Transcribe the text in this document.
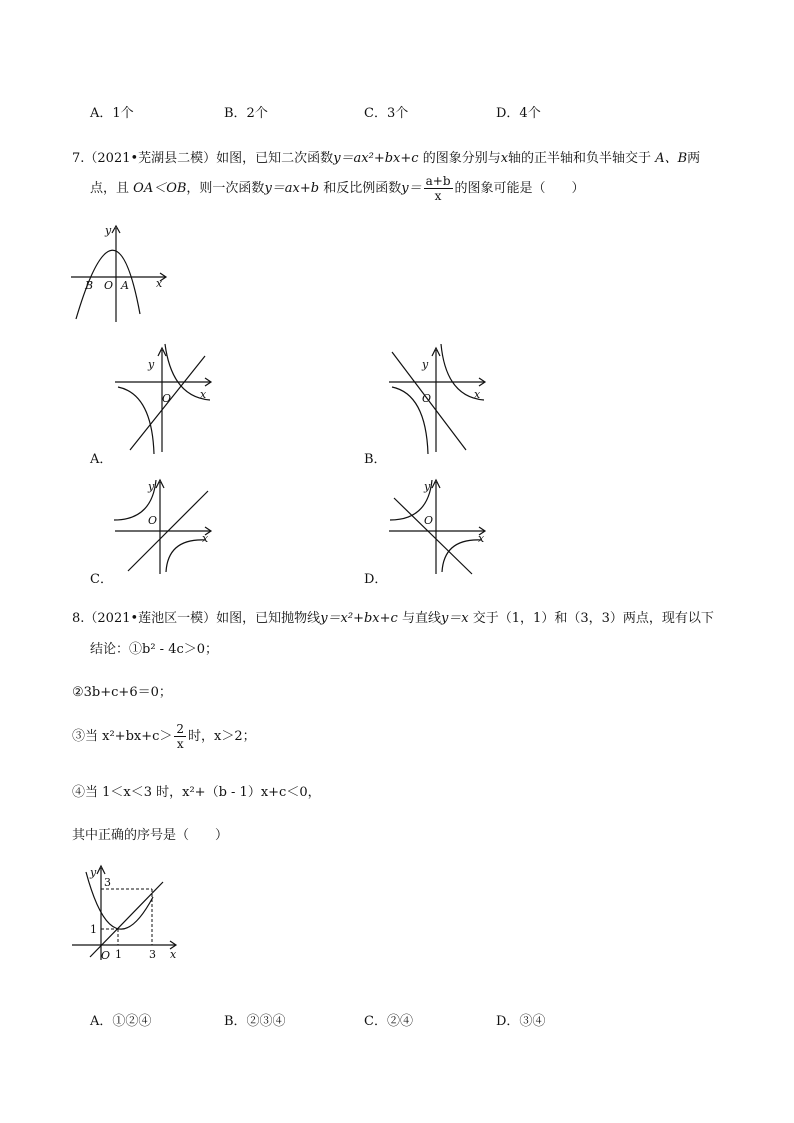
A．1个	B．2个	C．3个	D．4个
7.（2021•芜湖县二模）如图，已知二次函数y＝ax²+bx+c 的图象分别与x轴的正半轴和负半轴交于 A、B两
点，且 OA＜OB，则一次函数y＝ax+b 和反比例函数$y= \frac{a+b}{x}$ 的图象可能是（　　）
y
x
B O A
A．
y
O	x
B．
y
O	x
C．
y
O
x
D．
y
O
x
8.（2021•莲池区一模）如图，已知抛物线y＝x²+bx+c 与直线y＝x 交于（1，1）和（3，3）两点，现有以下
结论：①b² - 4c＞0；
②3b+c+6＝0；
③当 $x^2+bx+c> \frac{2}{x}$ 时，x＞2；
④当 1＜x＜3 时，x²+（b - 1）x+c＜0，
其中正确的序号是（　　）
y
x
O
1
3
1 3
A．①②④	B．②③④	C．②④	D．③④
